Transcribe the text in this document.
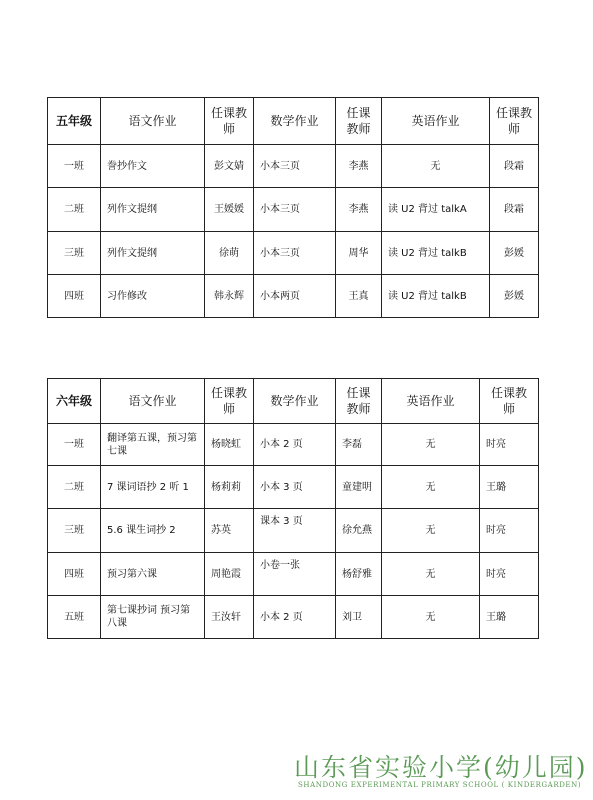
五年级	语文作业	任课教师	数学作业	任课教师	英语作业	任课教师
一班	誊抄作文	彭文婧	小本三页	李燕	无	段霜
二班	列作文提纲	王媛媛	小本三页	李燕	读 U2 背过 talkA	段霜
三班	列作文提纲	徐萌	小本三页	周华	读 U2 背过 talkB	彭媛
四班	习作修改	韩永辉	小本两页	王真	读 U2 背过 talkB	彭媛
六年级	语文作业	任课教师	数学作业	任课教师	英语作业	任课教师
一班	翻译第五课，预习第七课	杨晓虹	小本 2 页	李磊	无	时亮
二班	7 课词语抄 2 听 1	杨莉莉	小本 3 页	童建明	无	王璐
三班	5.6 课生词抄 2	苏英	课本 3 页	徐允燕	无	时亮
四班	预习第六课	周艳霞	小卷一张	杨舒雅	无	时亮
五班	第七课抄词 预习第八课	王汝轩	小本 2 页	刘卫	无	王璐
山东省实验小学(幼儿园)
SHANDONG EXPERIMENTAL PRIMARY SCHOOL ( KINDERGARDEN)
